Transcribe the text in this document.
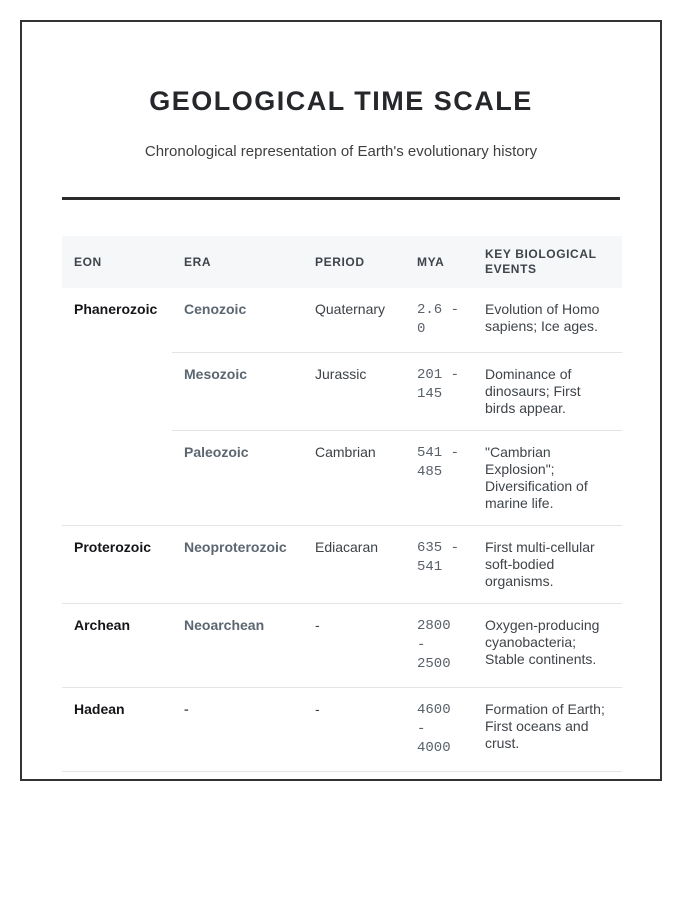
GEOLOGICAL TIME SCALE
Chronological representation of Earth's evolutionary history
EON	ERA	PERIOD	MYA	KEY BIOLOGICAL EVENTS
Phanerozoic	Cenozoic	Quaternary	2.6 - 0	Evolution of Homo sapiens; Ice ages.
	Mesozoic	Jurassic	201 - 145	Dominance of dinosaurs; First birds appear.
	Paleozoic	Cambrian	541 - 485	"Cambrian Explosion"; Diversification of marine life.
Proterozoic	Neoproterozoic	Ediacaran	635 - 541	First multi-cellular soft-bodied organisms.
Archean	Neoarchean	-	2800 - 2500	Oxygen-producing cyanobacteria; Stable continents.
Hadean	-	-	4600 - 4000	Formation of Earth; First oceans and crust.
